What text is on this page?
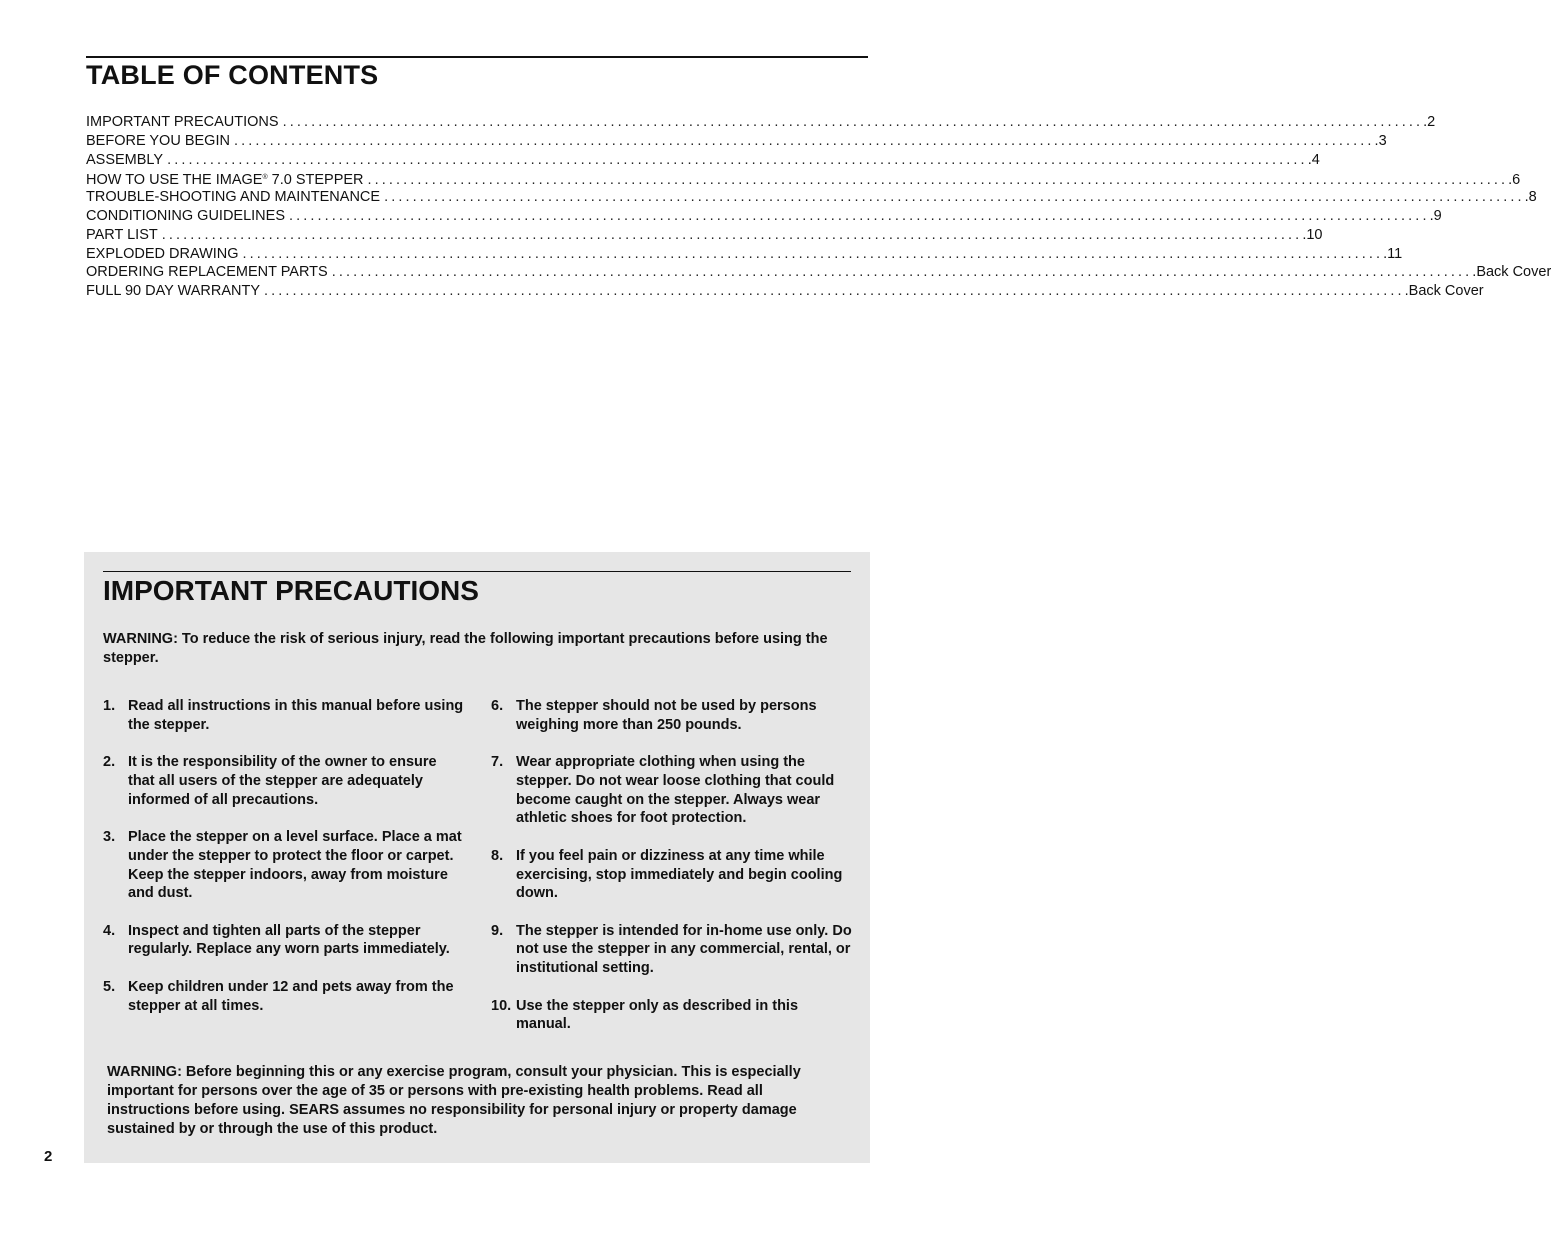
TABLE OF CONTENTS
IMPORTANT PRECAUTIONS ................................................................................................................................................................ .2
BEFORE YOU BEGIN ................................................................................................................................................................ .3
ASSEMBLY ................................................................................................................................................................ .4
HOW TO USE THE IMAGE® 7.0 STEPPER ................................................................................................................................................................ .6
TROUBLE-SHOOTING AND MAINTENANCE ................................................................................................................................................................ .8
CONDITIONING GUIDELINES ................................................................................................................................................................ .9
PART LIST ................................................................................................................................................................ .10
EXPLODED DRAWING ................................................................................................................................................................ .11
ORDERING REPLACEMENT PARTS ................................................................................................................................................................ .Back Cover
FULL 90 DAY WARRANTY ................................................................................................................................................................ .Back Cover
IMPORTANT PRECAUTIONS

WARNING: To reduce the risk of serious injury, read the following important precautions before using the stepper.

1. Read all instructions in this manual before using the stepper.
2. It is the responsibility of the owner to ensure that all users of the stepper are adequately informed of all precautions.
3. Place the stepper on a level surface. Place a mat under the stepper to protect the floor or carpet. Keep the stepper indoors, away from moisture and dust.
4. Inspect and tighten all parts of the stepper regularly. Replace any worn parts immediately.
5. Keep children under 12 and pets away from the stepper at all times.
6. The stepper should not be used by persons weighing more than 250 pounds.
7. Wear appropriate clothing when using the stepper. Do not wear loose clothing that could become caught on the stepper. Always wear athletic shoes for foot protection.
8. If you feel pain or dizziness at any time while exercising, stop immediately and begin cooling down.
9. The stepper is intended for in-home use only. Do not use the stepper in any commercial, rental, or institutional setting.
10. Use the stepper only as described in this manual.

WARNING: Before beginning this or any exercise program, consult your physician. This is especially important for persons over the age of 35 or persons with pre-existing health problems. Read all instructions before using. SEARS assumes no responsibility for personal injury or property damage sustained by or through the use of this product.

2
